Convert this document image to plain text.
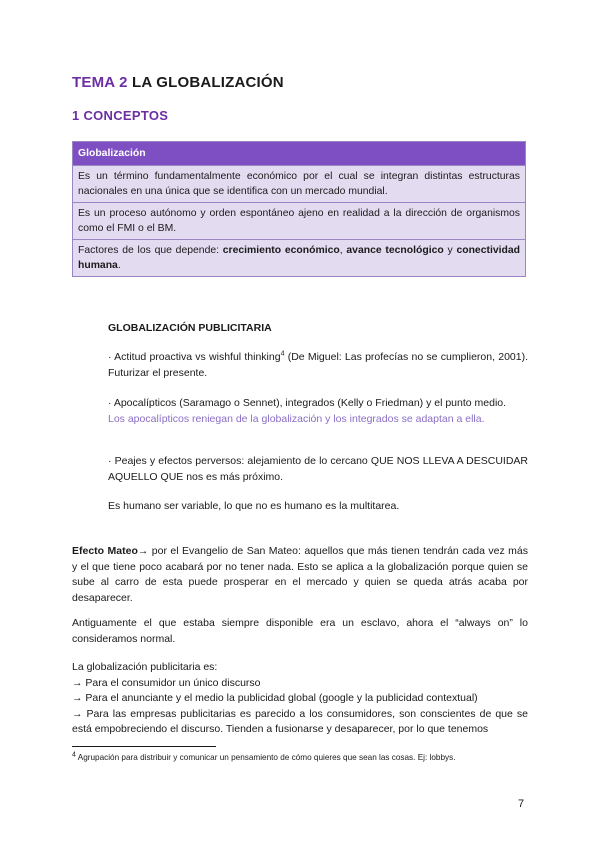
TEMA 2 LA GLOBALIZACIÓN
1 CONCEPTOS
Globalización
Es un término fundamentalmente económico por el cual se integran distintas estructuras nacionales en una única que se identifica con un mercado mundial.
Es un proceso autónomo y orden espontáneo ajeno en realidad a la dirección de organismos como el FMI o el BM.
Factores de los que depende: crecimiento económico, avance tecnológico y conectividad humana.
GLOBALIZACIÓN PUBLICITARIA
· Actitud proactiva vs wishful thinking$^4$ (De Miguel: Las profecías no se cumplieron, 2001). Futurizar el presente.
· Apocalípticos (Saramago o Sennet), integrados (Kelly o Friedman) y el punto medio.
Los apocalípticos reniegan de la globalización y los integrados se adaptan a ella.
· Peajes y efectos perversos: alejamiento de lo cercano QUE NOS LLEVA A DESCUIDAR AQUELLO QUE nos es más próximo.
Es humano ser variable, lo que no es humano es la multitarea.
Efecto Mateo→ por el Evangelio de San Mateo: aquellos que más tienen tendrán cada vez más y el que tiene poco acabará por no tener nada. Esto se aplica a la globalización porque quien se sube al carro de esta puede prosperar en el mercado y quien se queda atrás acaba por desaparecer.
Antiguamente el que estaba siempre disponible era un esclavo, ahora el “always on” lo consideramos normal.
La globalización publicitaria es:
→ Para el consumidor un único discurso
→ Para el anunciante y el medio la publicidad global (google y la publicidad contextual)
→ Para las empresas publicitarias es parecido a los consumidores, son conscientes de que se está empobreciendo el discurso. Tienden a fusionarse y desaparecer, por lo que tenemos
$^4$ Agrupación para distribuir y comunicar un pensamiento de cómo quieres que sean las cosas. Ej: lobbys.
7
